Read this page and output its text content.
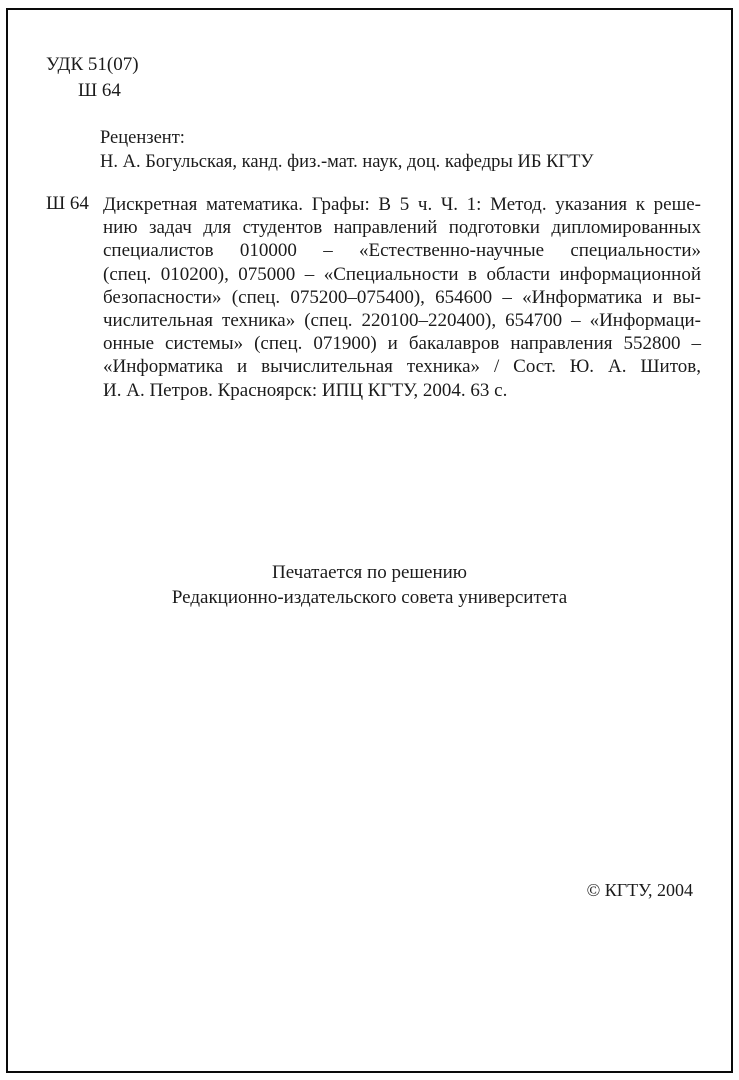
УДК 51(07)
Ш 64
Рецензент:
Н. А. Богульская, канд. физ.-мат. наук, доц. кафедры ИБ КГТУ
Ш 64 Дискретная математика. Графы: В 5 ч. Ч. 1: Метод. указания к реше-
нию задач для студентов направлений подготовки дипломированных
специалистов 010000 – «Естественно-научные специальности»
(спец. 010200), 075000 – «Специальности в области информационной
безопасности» (спец. 075200–075400), 654600 – «Информатика и вы-
числительная техника» (спец. 220100–220400), 654700 – «Информаци-
онные системы» (спец. 071900) и бакалавров направления 552800 –
«Информатика и вычислительная техника» / Сост. Ю. А. Шитов,
И. А. Петров. Красноярск: ИПЦ КГТУ, 2004. 63 с.
Печатается по решению
Редакционно-издательского совета университета
© КГТУ, 2004
